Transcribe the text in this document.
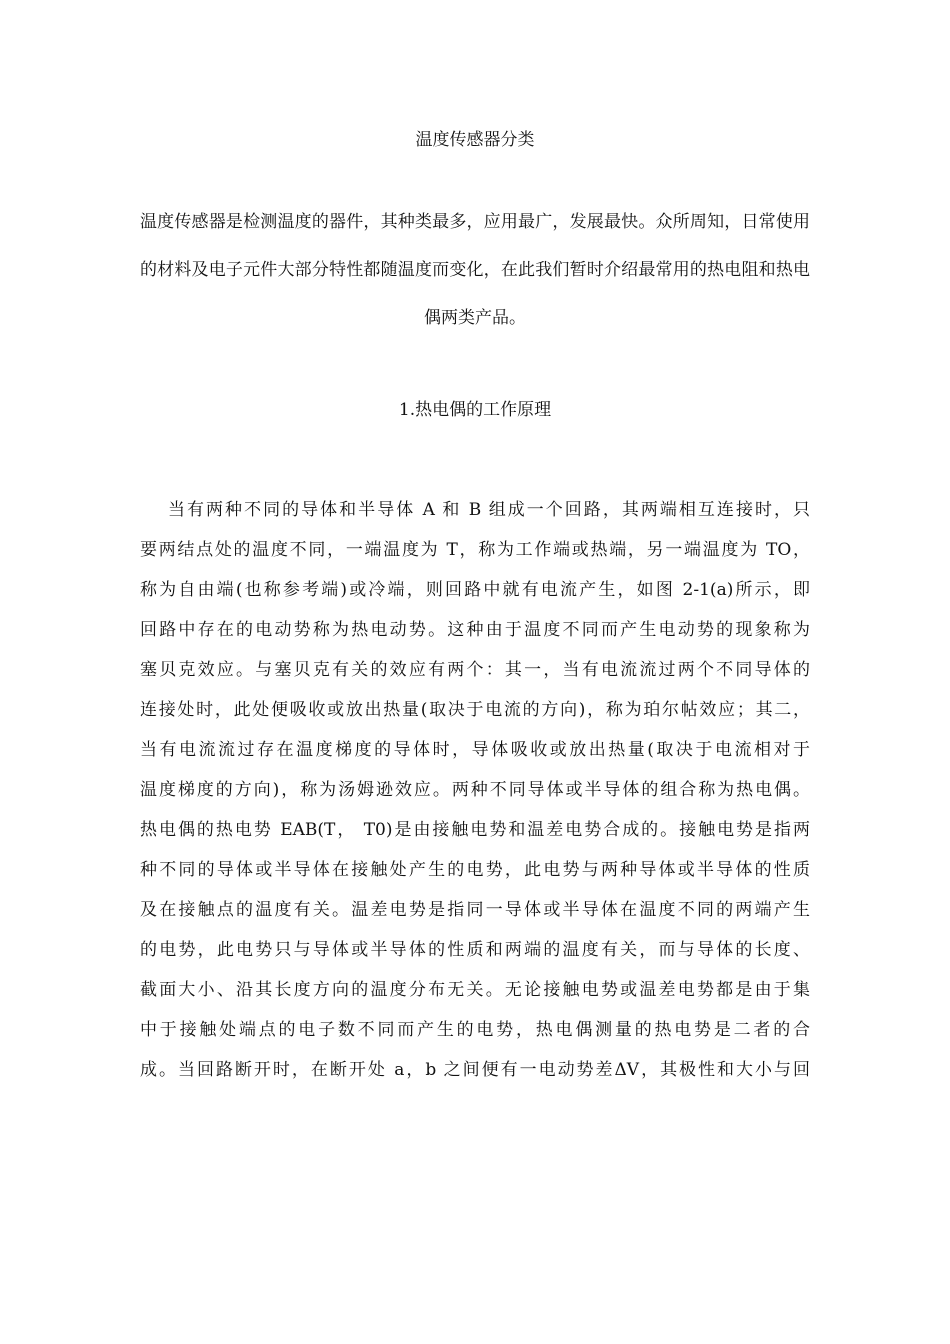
温度传感器分类
温度传感器是检测温度的器件，其种类最多，应用最广，发展最快。众所周知，日常使用的材料及电子元件大部分特性都随温度而变化，在此我们暂时介绍最常用的热电阻和热电偶两类产品。
1.热电偶的工作原理
当有两种不同的导体和半导体 A 和 B 组成一个回路，其两端相互连接时，只
要两结点处的温度不同，一端温度为 T，称为工作端或热端，另一端温度为 TO，
称为自由端(也称参考端)或冷端，则回路中就有电流产生，如图 2-1(a)所示，即
回路中存在的电动势称为热电动势。这种由于温度不同而产生电动势的现象称为
塞贝克效应。与塞贝克有关的效应有两个：其一，当有电流流过两个不同导体的
连接处时，此处便吸收或放出热量(取决于电流的方向)，称为珀尔帖效应；其二，
当有电流流过存在温度梯度的导体时，导体吸收或放出热量(取决于电流相对于
温度梯度的方向)，称为汤姆逊效应。两种不同导体或半导体的组合称为热电偶。
热电偶的热电势 EAB(T， T0)是由接触电势和温差电势合成的。接触电势是指两
种不同的导体或半导体在接触处产生的电势，此电势与两种导体或半导体的性质
及在接触点的温度有关。温差电势是指同一导体或半导体在温度不同的两端产生
的电势，此电势只与导体或半导体的性质和两端的温度有关，而与导体的长度、
截面大小、沿其长度方向的温度分布无关。无论接触电势或温差电势都是由于集
中于接触处端点的电子数不同而产生的电势，热电偶测量的热电势是二者的合
成。当回路断开时，在断开处 a，b 之间便有一电动势差ΔV，其极性和大小与回
